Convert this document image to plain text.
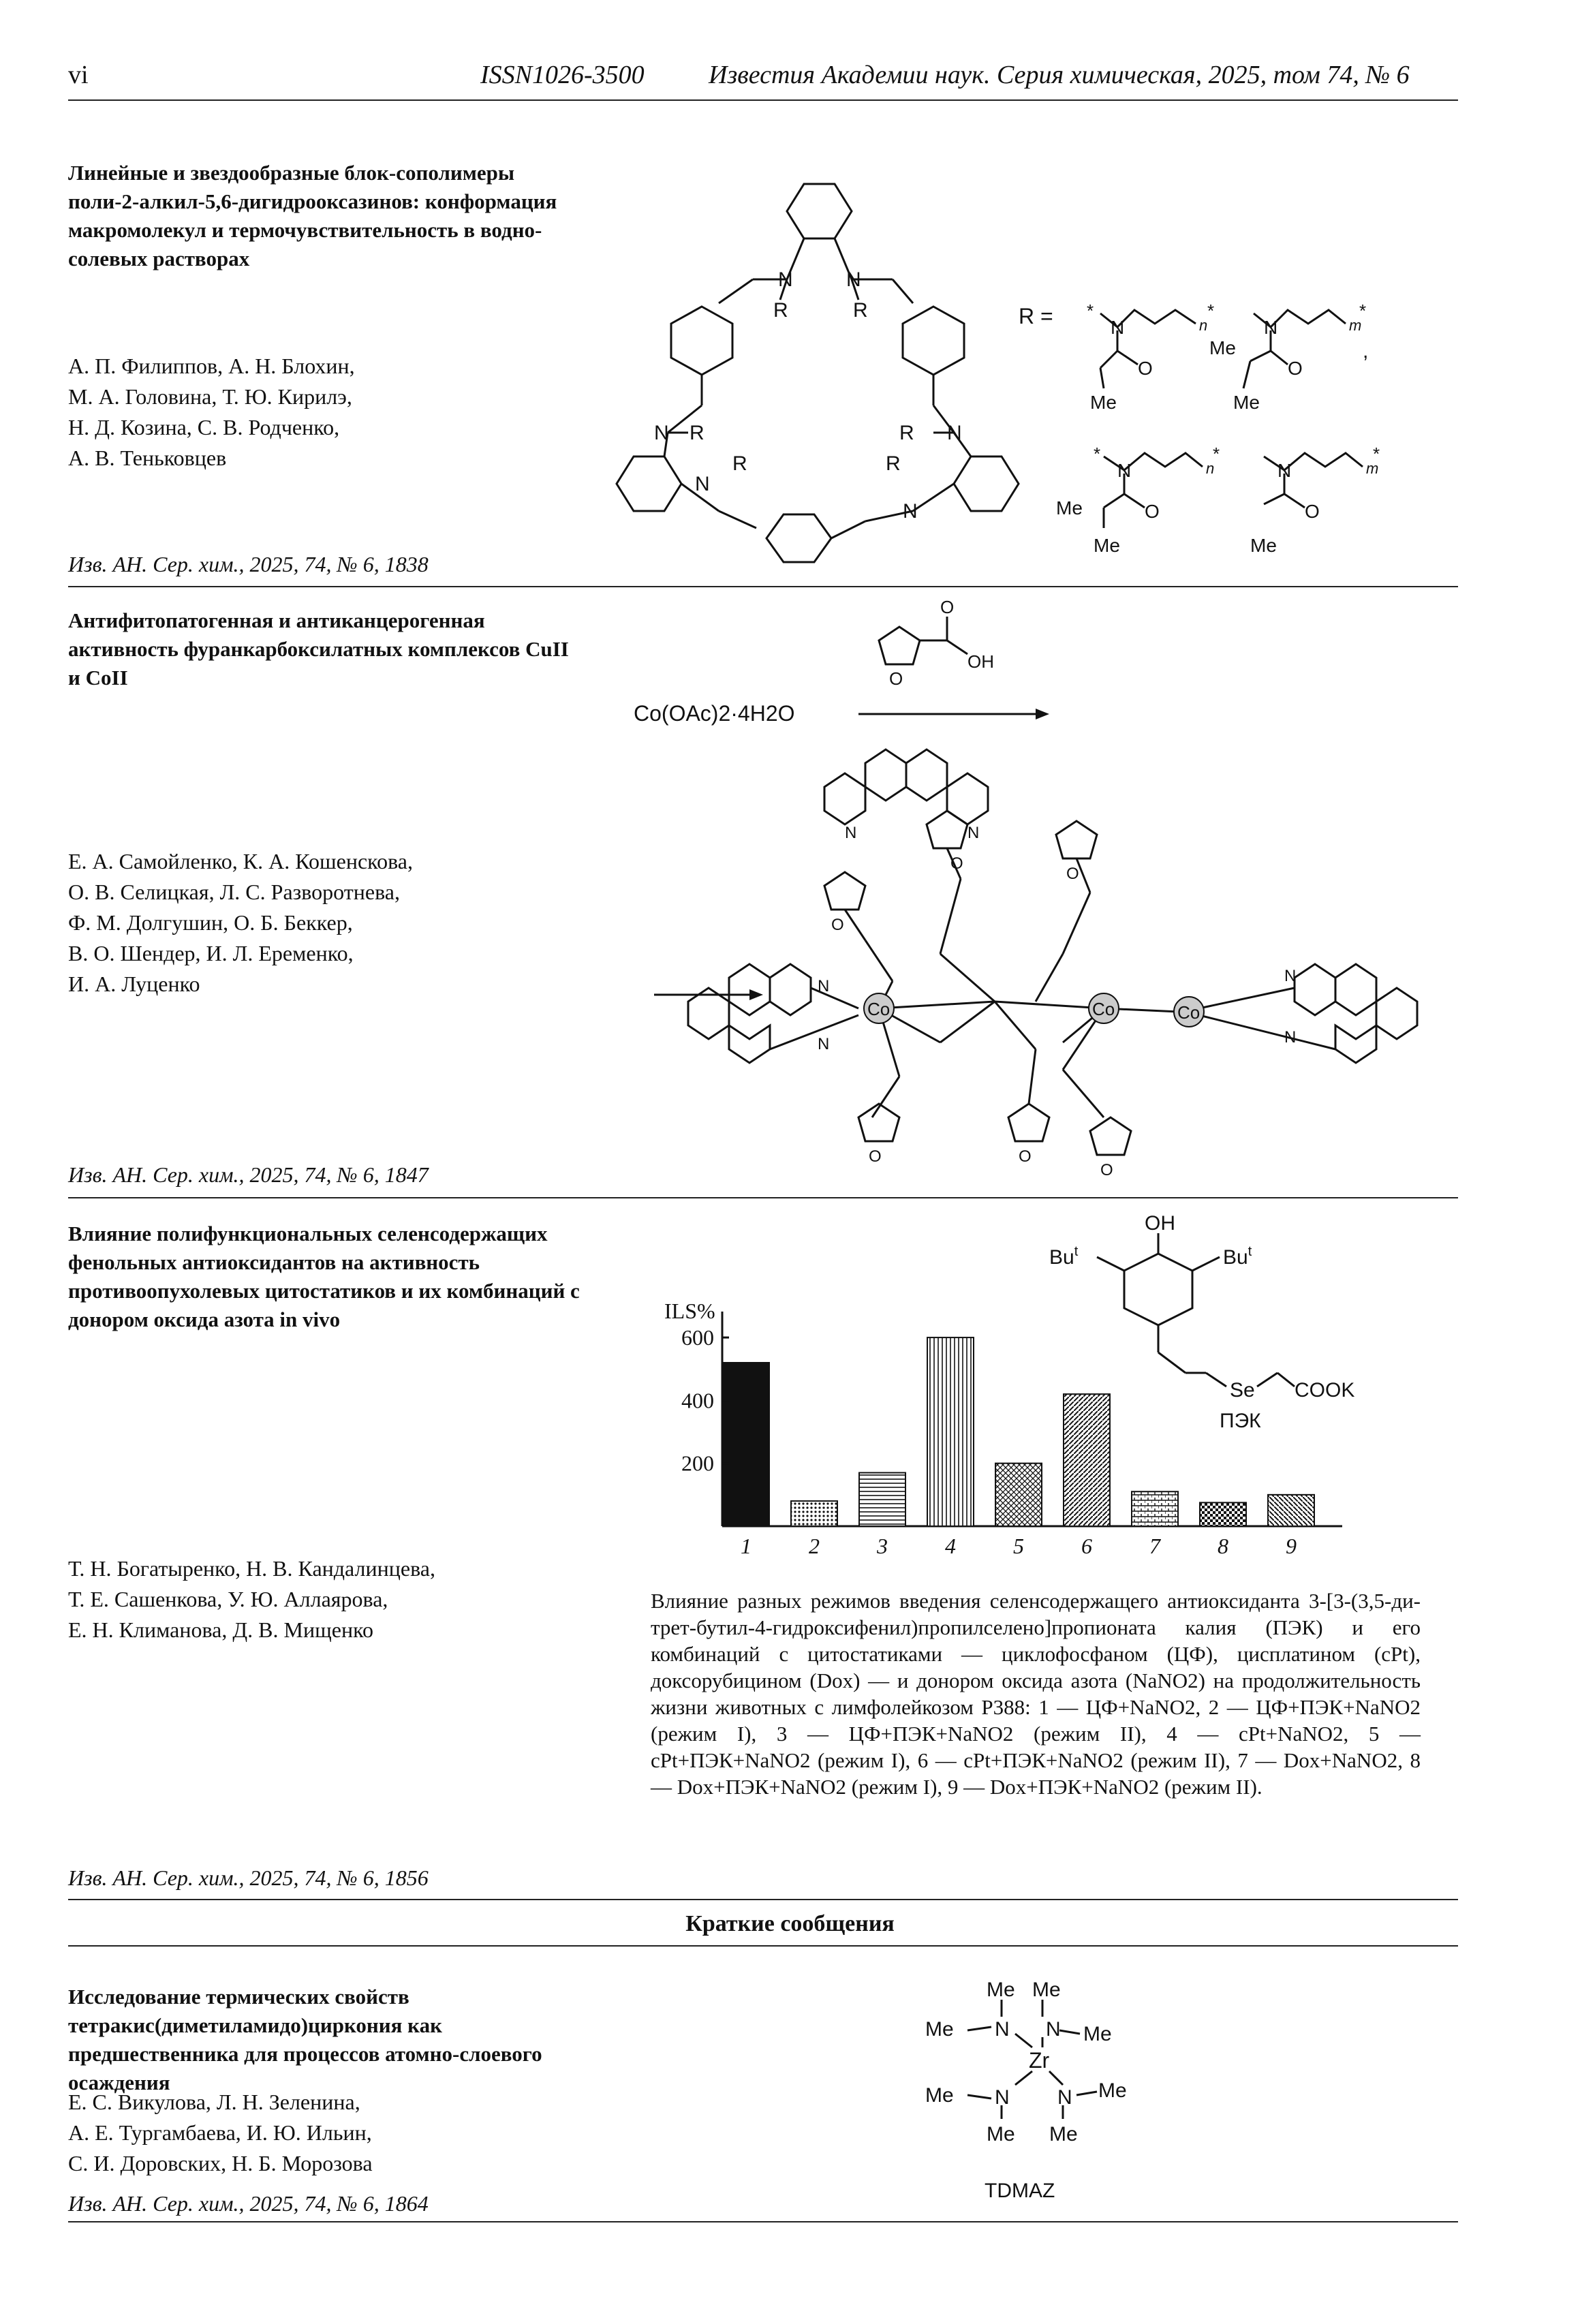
vi	ISSN1026-3500 Известия Академии наук. Серия химическая, 2025, том 74, № 6
Линейные и звездообразные блок-сополимеры поли-2-алкил-5,6-дигидрооксазинов: конформация макромолекул и термочувствительность в водно-солевых растворах
А. П. Филиппов, А. Н. Блохин,
М. А. Головина, Т. Ю. Кирилэ,
Н. Д. Козина, С. В. Родченко,
А. В. Теньковцев
Изв. АН. Сер. хим., 2025, 74, № 6, 1838
N	N
R	R
N R
N
R
R N
R
N
R = *
N
O
Me
n
*
N
O
Me
Me
m
*
,
*
N
O
Me
Me
n
*
N
O
Me
m
*
Антифитопатогенная и антиканцерогенная активность фуранкарбоксилатных комплексов CuII и CoII
Е. А. Самойленко, К. А. Кошенскова,
О. В. Селицкая, Л. С. Разворотнева,
Ф. М. Долгушин, О. Б. Беккер,
В. О. Шендер, И. Л. Еременко,
И. А. Луценко
Изв. АН. Сер. хим., 2025, 74, № 6, 1847
O
O
OH
Co(OAc)2·4H2O
N	N
Co	Co	Co
O
O
O
O	O
O
N
N
N
N
Влияние полифункциональных селенсодержащих фенольных антиоксидантов на активность противоопухолевых цитостатиков и их комбинаций с донором оксида азота in vivo
Т. Н. Богатыренко, Н. В. Кандалинцева,
Т. Е. Сашенкова, У. Ю. Аллаярова,
Е. Н. Климанова, Д. В. Мищенко
Изв. АН. Сер. хим., 2025, 74, № 6, 1856
ILS%
200
400
600
1	2	3	4	5	6	7	8	9
OH
Bu$^t$	Bu$^t$
Se COOK
ПЭК
Влияние разных режимов введения селенсодержащего антиоксиданта 3-[3-(3,5-ди-трет-бутил-4-гидроксифенил)пропилселено]пропионата калия (ПЭК) и его комбинаций с цитостатиками — циклофосфаном (ЦФ), цисплатином (cPt), доксорубицином (Dox) — и донором оксида азота (NaNO2) на продолжительность жизни животных с лимфолейкозом P388: 1 — ЦФ+NaNO2, 2 — ЦФ+ПЭК+NaNO2 (режим I), 3 — ЦФ+ПЭК+NaNO2 (режим II), 4 — cPt+NaNO2, 5 — cPt+ПЭК+NaNO2 (режим I), 6 — cPt+ПЭК+NaNO2 (режим II), 7 — Dox+NaNO2, 8 — Dox+ПЭК+NaNO2 (режим I), 9 — Dox+ПЭК+NaNO2 (режим II).
Краткие сообщения
Исследование термических свойств тетракис(диметиламидо)циркония как предшественника для процессов атомно-слоевого осаждения
Е. С. Викулова, Л. Н. Зеленина,
А. Е. Тургамбаева, И. Ю. Ильин,
С. И. Доровских, Н. Б. Морозова
Изв. АН. Сер. хим., 2025, 74, № 6, 1864
Me Me
N N
Me	Me
Zr
Me N N Me
Me Me
TDMAZ
